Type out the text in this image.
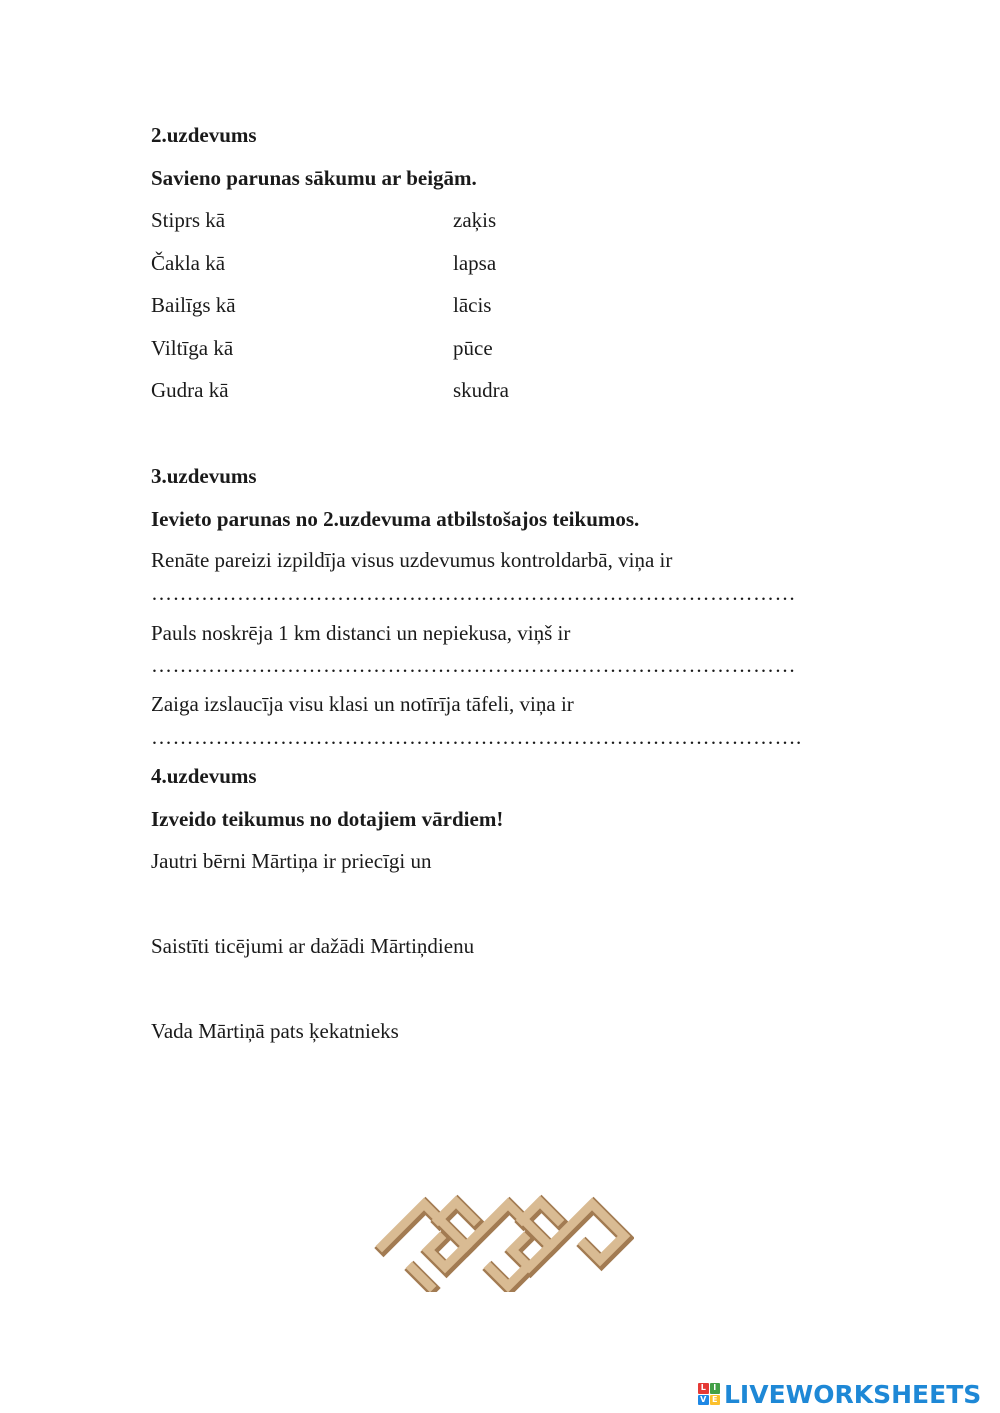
2.uzdevums
Savieno parunas sākumu ar beigām.
Stiprs kā	zaķis
Čakla kā	lapsa
Bailīgs kā	lācis
Viltīga kā	pūce
Gudra kā	skudra
3.uzdevums
Ievieto parunas no 2.uzdevuma atbilstošajos teikumos.
Renāte pareizi izpildīja visus uzdevumus kontroldarbā, viņa ir
………………………………………………………………………………
Pauls noskrēja 1 km distanci un nepiekusa, viņš ir
………………………………………………………………………………
Zaiga izslaucīja visu klasi un notīrīja tāfeli, viņa ir
……………………………………………………………………………….
4.uzdevums
Izveido teikumus no dotajiem vārdiem!
Jautri bērni Mārtiņa ir priecīgi un
Saistīti ticējumi ar dažādi Mārtiņdienu
Vada Mārtiņā pats ķekatnieks
L I
V E LIVEWORKSHEETS
